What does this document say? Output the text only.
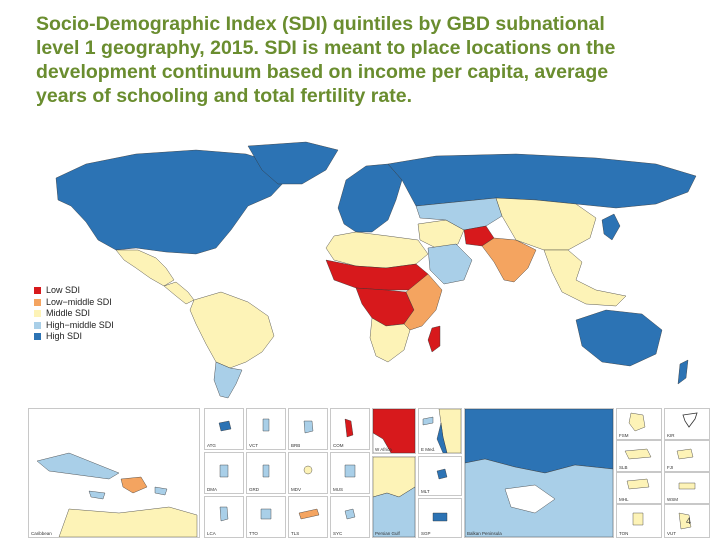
Socio-Demographic Index (SDI) quintiles by GBD subnational
level 1 geography, 2015. SDI is meant to place locations on the
development continuum based on income per capita, average
years of schooling and total fertility rate.
Low SDI
Low−middle SDI
Middle SDI
High−middle SDI
High SDI
Caribbean
ATG	VCT	BRB	COM
DMA	GRD	MDV	MUS
LCA	TTO	TLS	SYC
W Africa	E Med.
MLT
Persian Gulf	SGP	Balkan Peninsula
FSM	KIR
SLB	FJI
MHL	WSM
TON	VUT
4
